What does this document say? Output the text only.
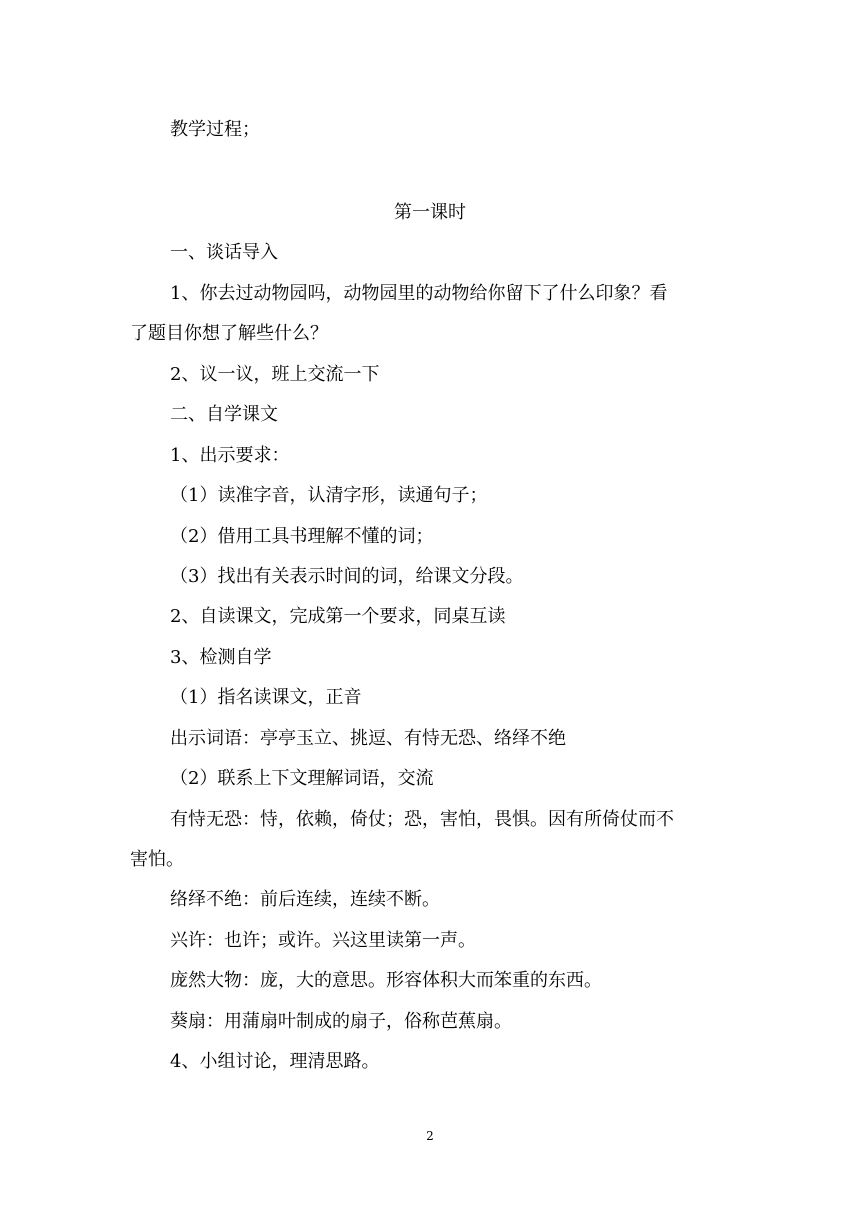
教学过程；
第一课时
一、谈话导入
1、你去过动物园吗，动物园里的动物给你留下了什么印象？看
了题目你想了解些什么？
2、议一议，班上交流一下
二、自学课文
1、出示要求：
（1）读准字音，认清字形，读通句子；
（2）借用工具书理解不懂的词；
（3）找出有关表示时间的词，给课文分段。
2、自读课文，完成第一个要求，同桌互读
3、检测自学
（1）指名读课文，正音
出示词语：亭亭玉立、挑逗、有恃无恐、络绎不绝
（2）联系上下文理解词语，交流
有恃无恐：恃，依赖，倚仗；恐，害怕，畏惧。因有所倚仗而不
害怕。
络绎不绝：前后连续，连续不断。
兴许：也许；或许。兴这里读第一声。
庞然大物：庞，大的意思。形容体积大而笨重的东西。
葵扇：用蒲扇叶制成的扇子，俗称芭蕉扇。
4、小组讨论，理清思路。
2
